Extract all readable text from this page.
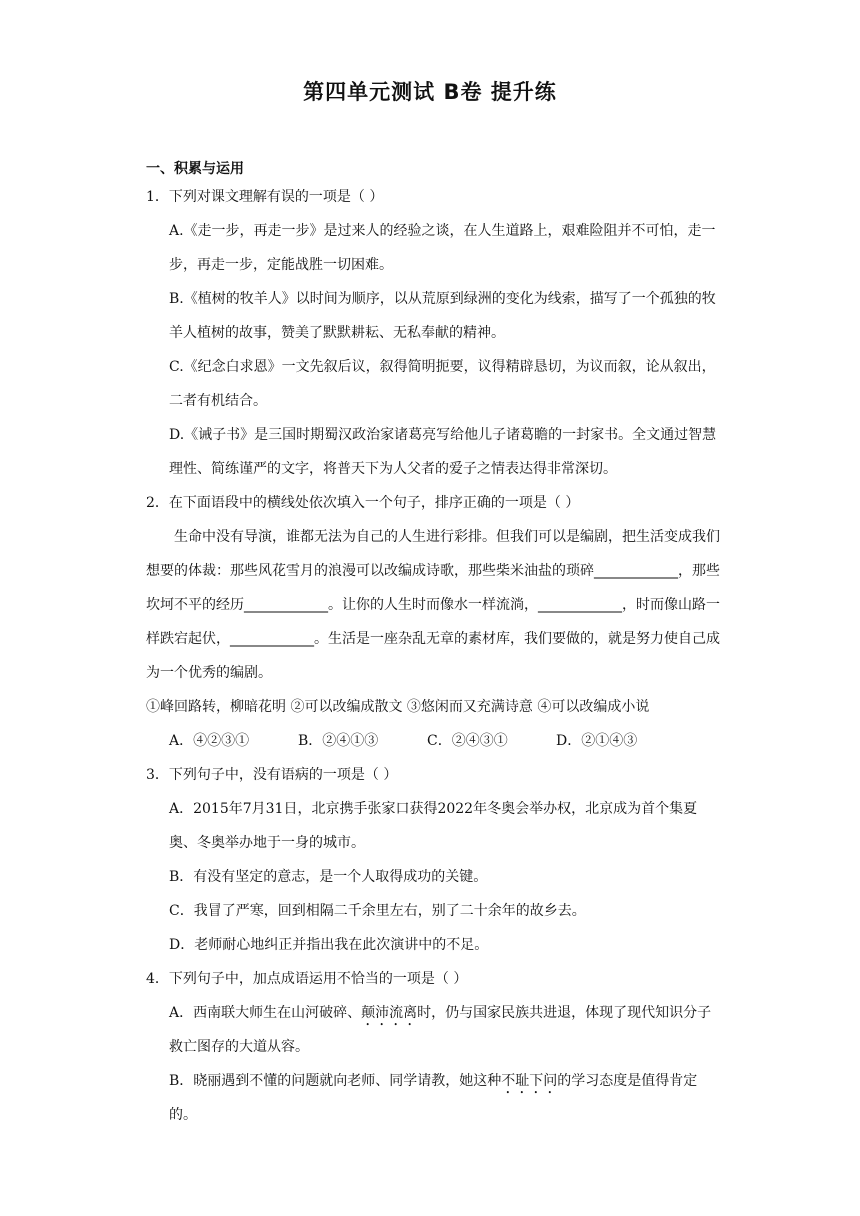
第四单元测试 B卷 提升练
一、积累与运用

1．下列对课文理解有误的一项是（ ）

A.《走一步，再走一步》是过来人的经验之谈，在人生道路上，艰难险阻并不可怕，走一步，再走一步，定能战胜一切困难。

B.《植树的牧羊人》以时间为顺序，以从荒原到绿洲的变化为线索，描写了一个孤独的牧羊人植树的故事，赞美了默默耕耘、无私奉献的精神。

C.《纪念白求恩》一文先叙后议，叙得简明扼要，议得精辟恳切，为议而叙，论从叙出，二者有机结合。

D.《诫子书》是三国时期蜀汉政治家诸葛亮写给他儿子诸葛瞻的一封家书。全文通过智慧理性、简练谨严的文字，将普天下为人父者的爱子之情表达得非常深切。

2．在下面语段中的横线处依次填入一个句子，排序正确的一项是（ ）

生命中没有导演，谁都无法为自己的人生进行彩排。但我们可以是编剧，把生活变成我们想要的体裁：那些风花雪月的浪漫可以改编成诗歌，那些柴米油盐的琐碎____________，那些坎坷不平的经历____________。让你的人生时而像水一样流淌，____________，时而像山路一样跌宕起伏，____________。生活是一座杂乱无章的素材库，我们要做的，就是努力使自己成为一个优秀的编剧。

①峰回路转，柳暗花明 ②可以改编成散文 ③悠闲而又充满诗意 ④可以改编成小说

A．④②③①	B．②④①③	C．②④③①	D．②①④③

3．下列句子中，没有语病的一项是（ ）

A．2015年7月31日，北京携手张家口获得2022年冬奥会举办权，北京成为首个集夏奥、冬奥举办地于一身的城市。

B．有没有坚定的意志，是一个人取得成功的关键。

C．我冒了严寒，回到相隔二千余里左右，别了二十余年的故乡去。

D．老师耐心地纠正并指出我在此次演讲中的不足。

4．下列句子中，加点成语运用不恰当的一项是（ ）

A．西南联大师生在山河破碎、颠沛流离时，仍与国家民族共进退，体现了现代知识分子救亡图存的大道从容。

B．晓丽遇到不懂的问题就向老师、同学请教，她这种不耻下问的学习态度是值得肯定的。
